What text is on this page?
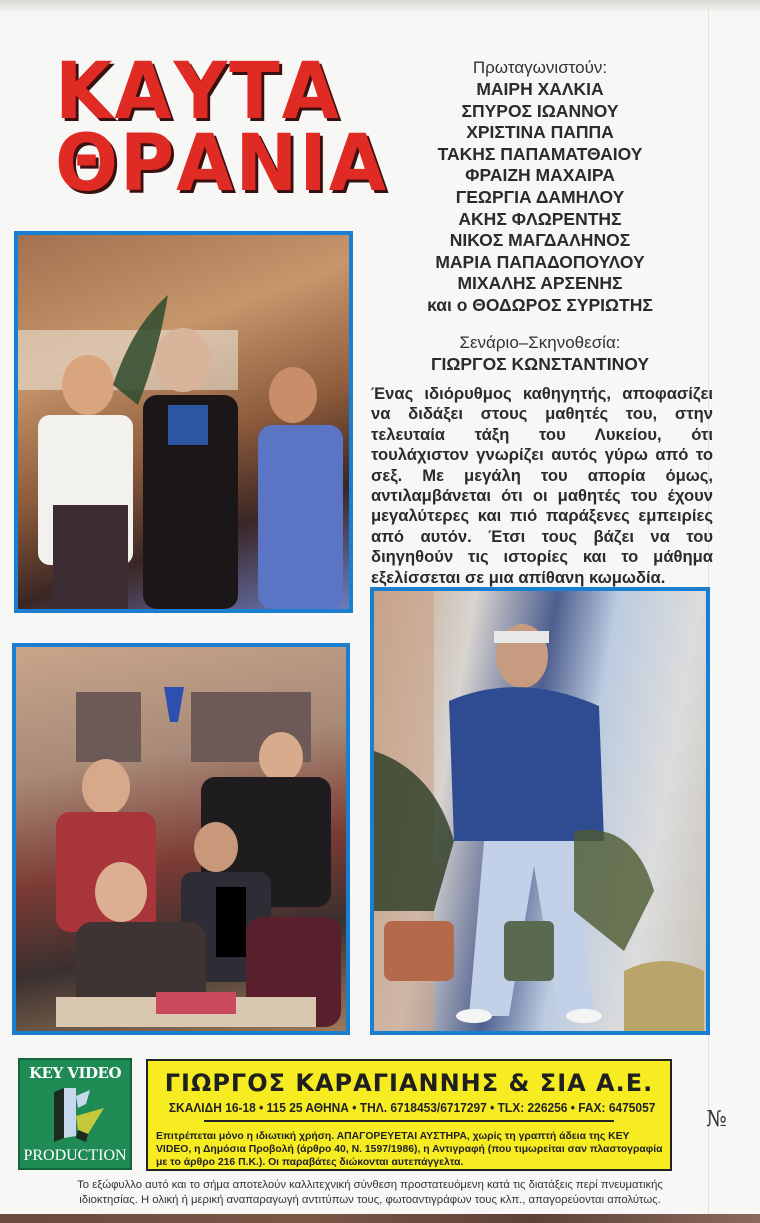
ΚΑΥΤΑ
ΘΡΑΝΙΑ
Πρωταγωνιστούν:
ΜΑΙΡΗ ΧΑΛΚΙΑ
ΣΠΥΡΟΣ ΙΩΑΝΝΟΥ
ΧΡΙΣΤΙΝΑ ΠΑΠΠΑ
ΤΑΚΗΣ ΠΑΠΑΜΑΤΘΑΙΟΥ
ΦΡΑΙΖΗ ΜΑΧΑΙΡΑ
ΓΕΩΡΓΙΑ ΔΑΜΗΛΟΥ
ΑΚΗΣ ΦΛΩΡΕΝΤΗΣ
ΝΙΚΟΣ ΜΑΓΔΑΛΗΝΟΣ
ΜΑΡΙΑ ΠΑΠΑΔΟΠΟΥΛΟΥ
ΜΙΧΑΛΗΣ ΑΡΣΕΝΗΣ
και ο ΘΟΔΩΡΟΣ ΣΥΡΙΩΤΗΣ
Σενάριο–Σκηνοθεσία:
ΓΙΩΡΓΟΣ ΚΩΝΣΤΑΝΤΙΝΟΥ
Ένας ιδιόρυθμος καθηγητής, αποφασίζει να διδάξει στους μαθητές του, στην τελευταία τάξη του Λυκείου, ότι τουλάχιστον γνωρίζει αυτός γύρω από το σεξ. Με μεγάλη του απορία όμως, αντιλαμβάνεται ότι οι μαθητές του έχουν μεγαλύτερες και πιό παράξενες εμπειρίες από αυτόν. Έτσι τους βάζει να του διηγηθούν τις ιστορίες και το μάθημα εξελίσσεται σε μια απίθανη κωμωδία.
KEY VIDEO
PRODUCTION
ΓΙΩΡΓΟΣ ΚΑΡΑΓΙΑΝΝΗΣ & ΣΙΑ Α.Ε.
ΣΚΑΛΙΔΗ 16-18 • 115 25 ΑΘΗΝΑ • ΤΗΛ. 6718453/6717297 • TLX: 226256 • FAX: 6475057
Επιτρέπεται μόνο η ιδιωτική χρήση. ΑΠΑΓΟΡΕΥΕΤΑΙ ΑΥΣΤΗΡΑ, χωρίς τη γραπτή άδεια της KEY VIDEO, η Δημόσια Προβολή (άρθρο 40, Ν. 1597/1986), η Αντιγραφή (που τιμωρείται σαν πλαστογραφία με το άρθρο 216 Π.Κ.). Οι παραβάτες διώκονται αυτεπάγγελτα.
№
Το εξώφυλλο αυτό και το σήμα αποτελούν καλλιτεχνική σύνθεση προστατευόμενη κατά τις διατάξεις περί πνευματικής ιδιοκτησίας. Η ολική ή μερική αναπαραγωγή αντιτύπων τους, φωτοαντιγράφων τους κλπ., απαγορεύονται απολύτως.
